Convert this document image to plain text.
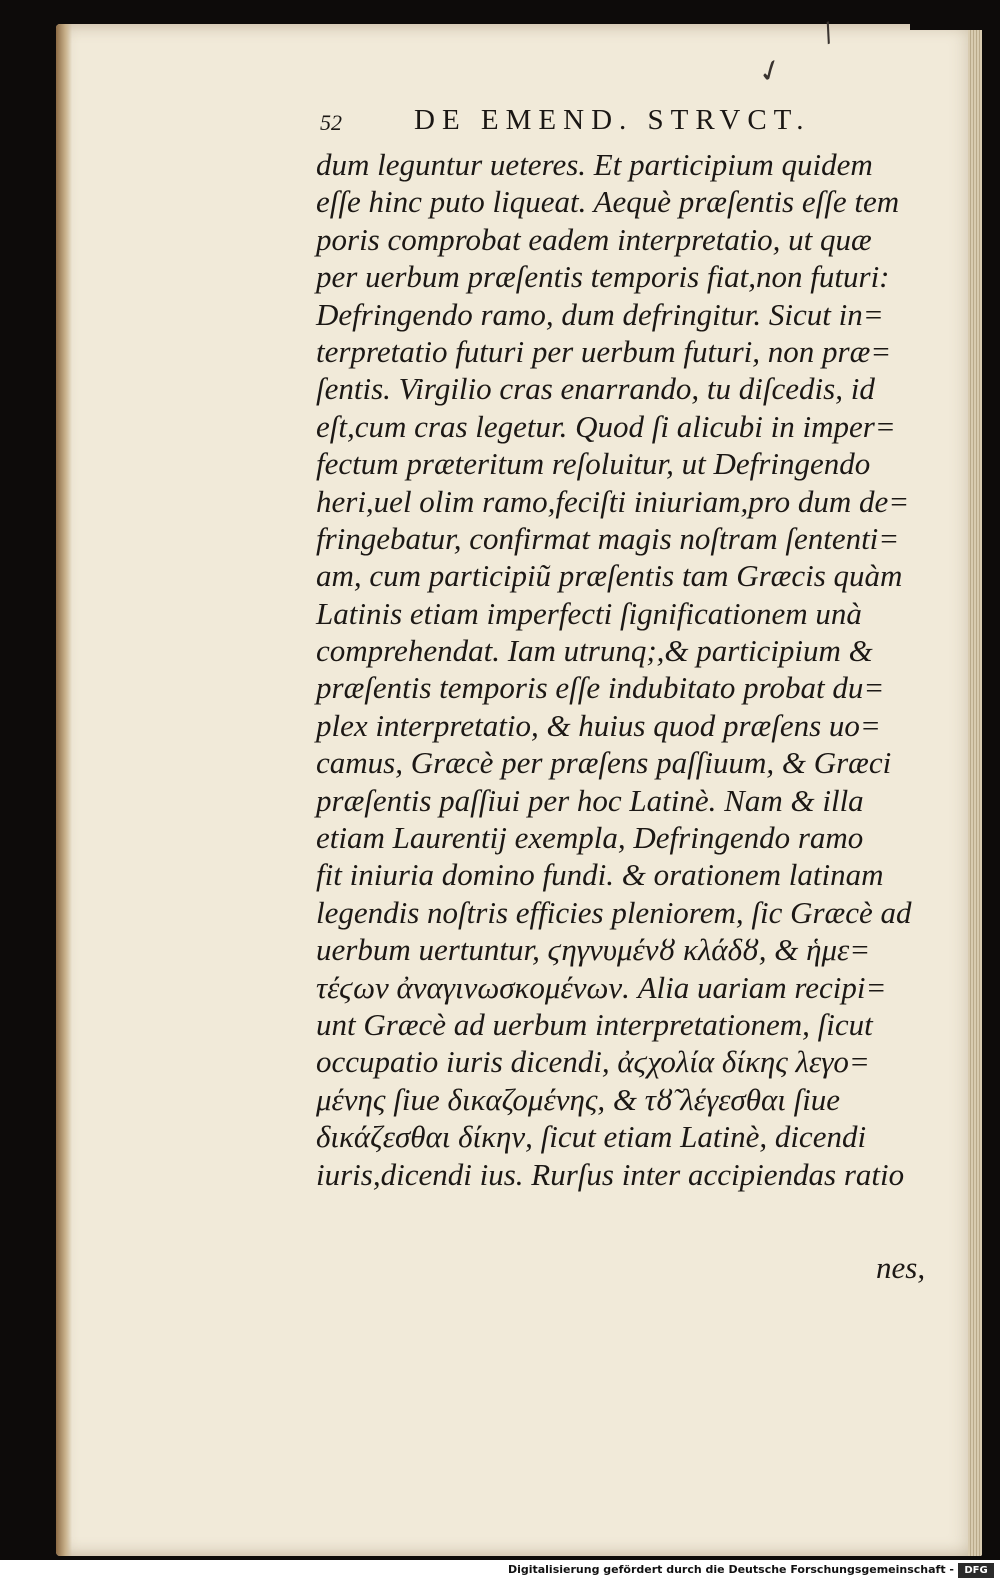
/
✓
52 DE EMEND. STRVCT.
dum leguntur ueteres. Et participium quidem
eſſe hinc puto liqueat. Aequè præſentis eſſe tem
poris comprobat eadem interpretatio, ut quæ
per uerbum præſentis temporis fiat,non futuri:
Defringendo ramo, dum defringitur. Sicut in=
terpretatio futuri per uerbum futuri, non præ=
ſentis. Virgilio cras enarrando, tu diſcedis, id
eſt,cum cras legetur. Quod ſi alicubi in imper=
fectum præteritum reſoluitur, ut Defringendo
heri,uel olim ramo,feciſti iniuriam,pro dum de=
fringebatur, confirmat magis noſtram ſententi=
am, cum participiũ præſentis tam Græcis quàm
Latinis etiam imperfecti ſignificationem unà
comprehendat. Iam utrunq;,& participium &
præſentis temporis eſſe indubitato probat du=
plex interpretatio, & huius quod præſens uo=
camus, Græcè per præſens paſſiuum, & Græci
præſentis paſſiui per hoc Latinè. Nam & illa
etiam Laurentij exempla, Defringendo ramo
fit iniuria domino fundi. & orationem latinam
legendis noſtris efficies pleniorem, ſic Græcè ad
uerbum uertuntur, ϛηγνυμένȣ κλάδȣ, & ἡμε=
τέϛων ἀναγινωσκομένων. Alia uariam recipi=
unt Græcè ad uerbum interpretationem, ſicut
occupatio iuris dicendi, ἀϛχολία δίκης λεγο=
μένης ſiue δικαζομένης, & τȣ̃ λέγεσθαι ſiue
δικάζεσθαι δίκην, ſicut etiam Latinè, dicendi
iuris,dicendi ius. Rurſus inter accipiendas ratio
nes,
Digitalisierung gefördert durch die Deutsche Forschungsgemeinschaft -	DFG
